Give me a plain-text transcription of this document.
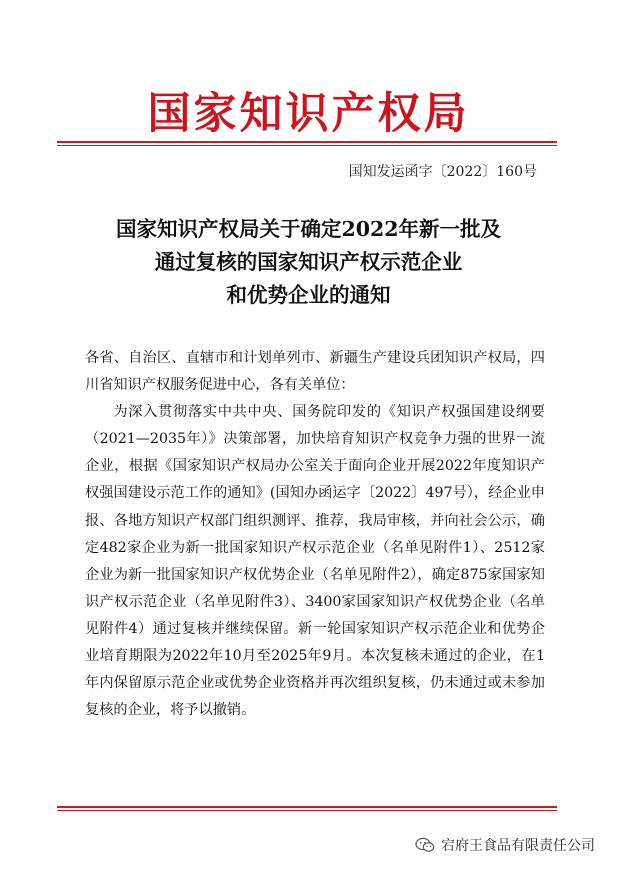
国家知识产权局
国知发运函字〔2022〕160号
国家知识产权局关于确定2022年新一批及
通过复核的国家知识产权示范企业
和优势企业的通知

各省、自治区、直辖市和计划单列市、新疆生产建设兵团知识产权局，四川省知识产权服务促进中心，各有关单位：

为深入贯彻落实中共中央、国务院印发的《知识产权强国建设纲要（2021—2035年）》决策部署，加快培育知识产权竞争力强的世界一流企业，根据《国家知识产权局办公室关于面向企业开展2022年度知识产权强国建设示范工作的通知》(国知办函运字〔2022〕497号），经企业申报、各地方知识产权部门组织测评、推荐，我局审核，并向社会公示，确定482家企业为新一批国家知识产权示范企业（名单见附件1）、2512家企业为新一批国家知识产权优势企业（名单见附件2），确定875家国家知识产权示范企业（名单见附件3）、3400家国家知识产权优势企业（名单见附件4）通过复核并继续保留。新一轮国家知识产权示范企业和优势企业培育期限为2022年10月至2025年9月。本次复核未通过的企业，在1年内保留原示范企业或优势企业资格并再次组织复核，仍未通过或未参加复核的企业，将予以撤销。

宕府王食品有限责任公司
